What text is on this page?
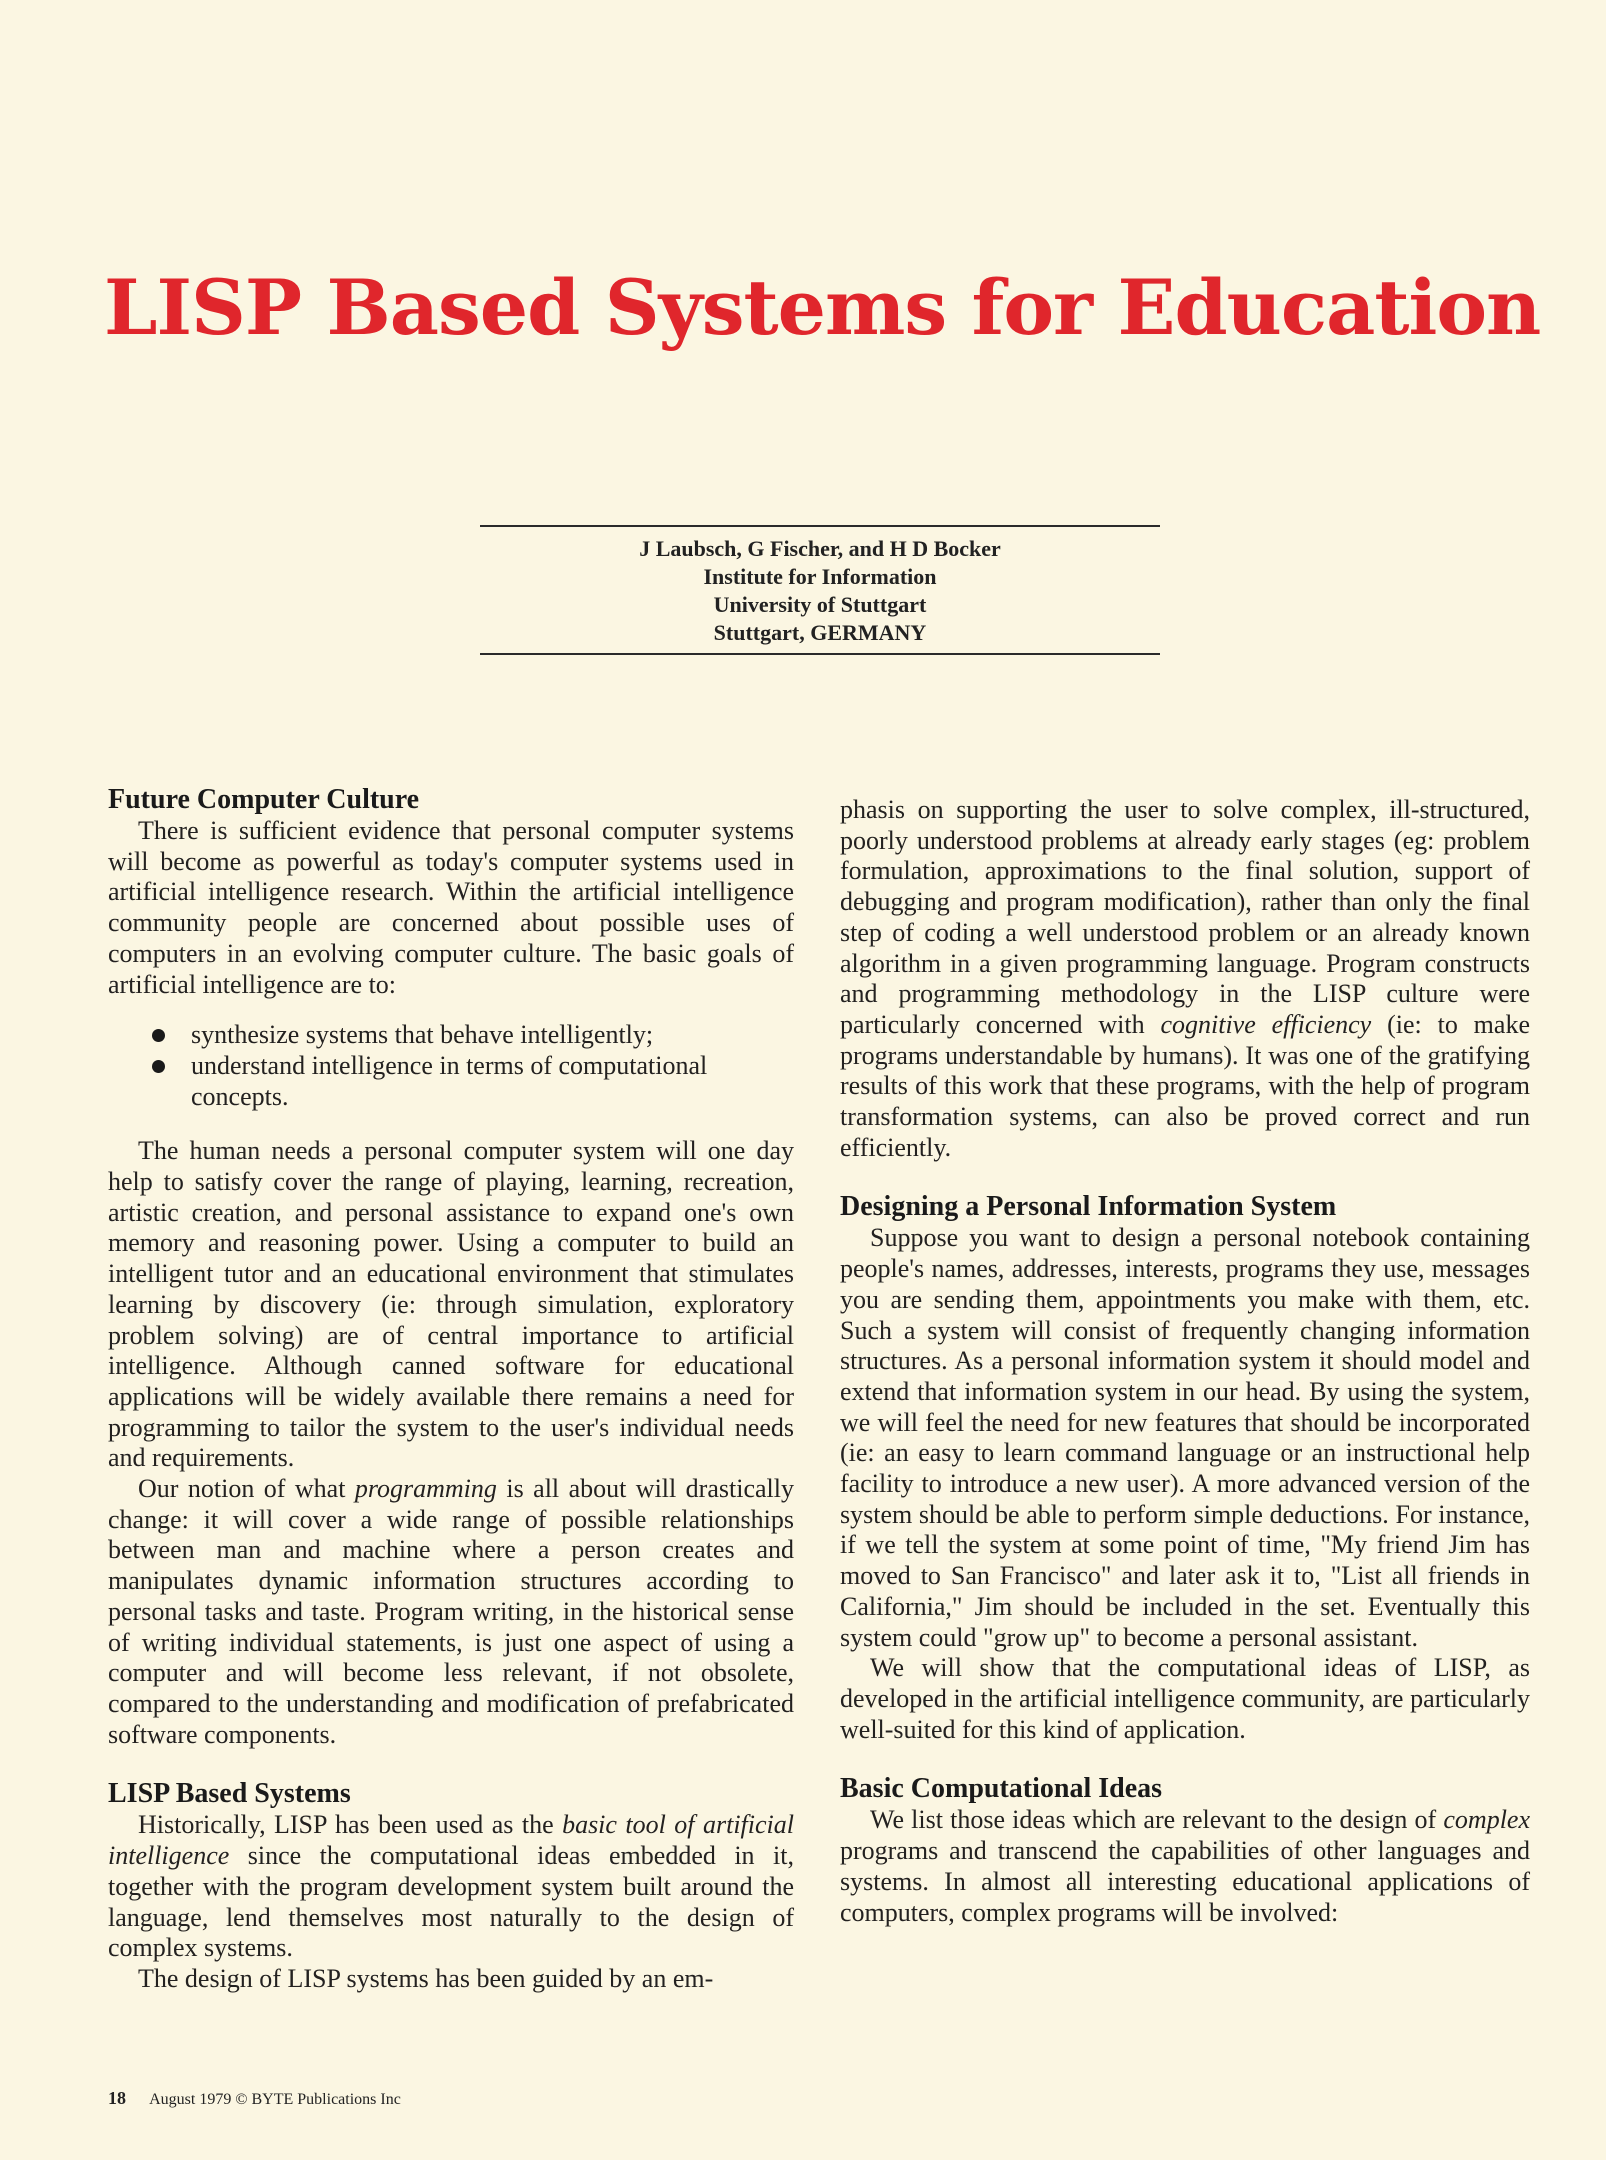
LISP Based Systems for Education
J Laubsch, G Fischer, and H D Bocker
Institute for Information
University of Stuttgart
Stuttgart, GERMANY
Future Computer Culture

There is sufficient evidence that personal computer systems will become as powerful as today's computer systems used in artificial intelligence research. Within the artificial intelligence community people are concerned about possible uses of computers in an evolving computer culture. The basic goals of artificial intelligence are to:

synthesize systems that behave intelligently;
understand intelligence in terms of computational concepts.

The human needs a personal computer system will one day help to satisfy cover the range of playing, learning, recreation, artistic creation, and personal assistance to expand one's own memory and reasoning power. Using a computer to build an intelligent tutor and an educational environment that stimulates learning by discovery (ie: through simulation, exploratory problem solving) are of central importance to artificial intelligence. Although canned software for educational applications will be widely available there remains a need for programming to tailor the system to the user's individual needs and requirements.

Our notion of what programming is all about will drastically change: it will cover a wide range of possible relationships between man and machine where a person creates and manipulates dynamic information structures according to personal tasks and taste. Program writing, in the historical sense of writing individual statements, is just one aspect of using a computer and will become less relevant, if not obsolete, compared to the understanding and modification of prefabricated software components.

LISP Based Systems

Historically, LISP has been used as the basic tool of artificial intelligence since the computational ideas embedded in it, together with the program development system built around the language, lend themselves most naturally to the design of complex systems.

The design of LISP systems has been guided by an em-

phasis on supporting the user to solve complex, ill-structured, poorly understood problems at already early stages (eg: problem formulation, approximations to the final solution, support of debugging and program modification), rather than only the final step of coding a well understood problem or an already known algorithm in a given programming language. Program constructs and programming methodology in the LISP culture were particularly concerned with cognitive efficiency (ie: to make programs understandable by humans). It was one of the gratifying results of this work that these programs, with the help of program transformation systems, can also be proved correct and run efficiently.

Designing a Personal Information System

Suppose you want to design a personal notebook containing people's names, addresses, interests, programs they use, messages you are sending them, appointments you make with them, etc. Such a system will consist of frequently changing information structures. As a personal information system it should model and extend that information system in our head. By using the system, we will feel the need for new features that should be incorporated (ie: an easy to learn command language or an instructional help facility to introduce a new user). A more advanced version of the system should be able to perform simple deductions. For instance, if we tell the system at some point of time, "My friend Jim has moved to San Francisco" and later ask it to, "List all friends in California," Jim should be included in the set. Eventually this system could "grow up" to become a personal assistant.

We will show that the computational ideas of LISP, as developed in the artificial intelligence community, are particularly well-suited for this kind of application.

Basic Computational Ideas

We list those ideas which are relevant to the design of complex programs and transcend the capabilities of other languages and systems. In almost all interesting educational applications of computers, complex programs will be involved:

18 August 1979 © BYTE Publications Inc
